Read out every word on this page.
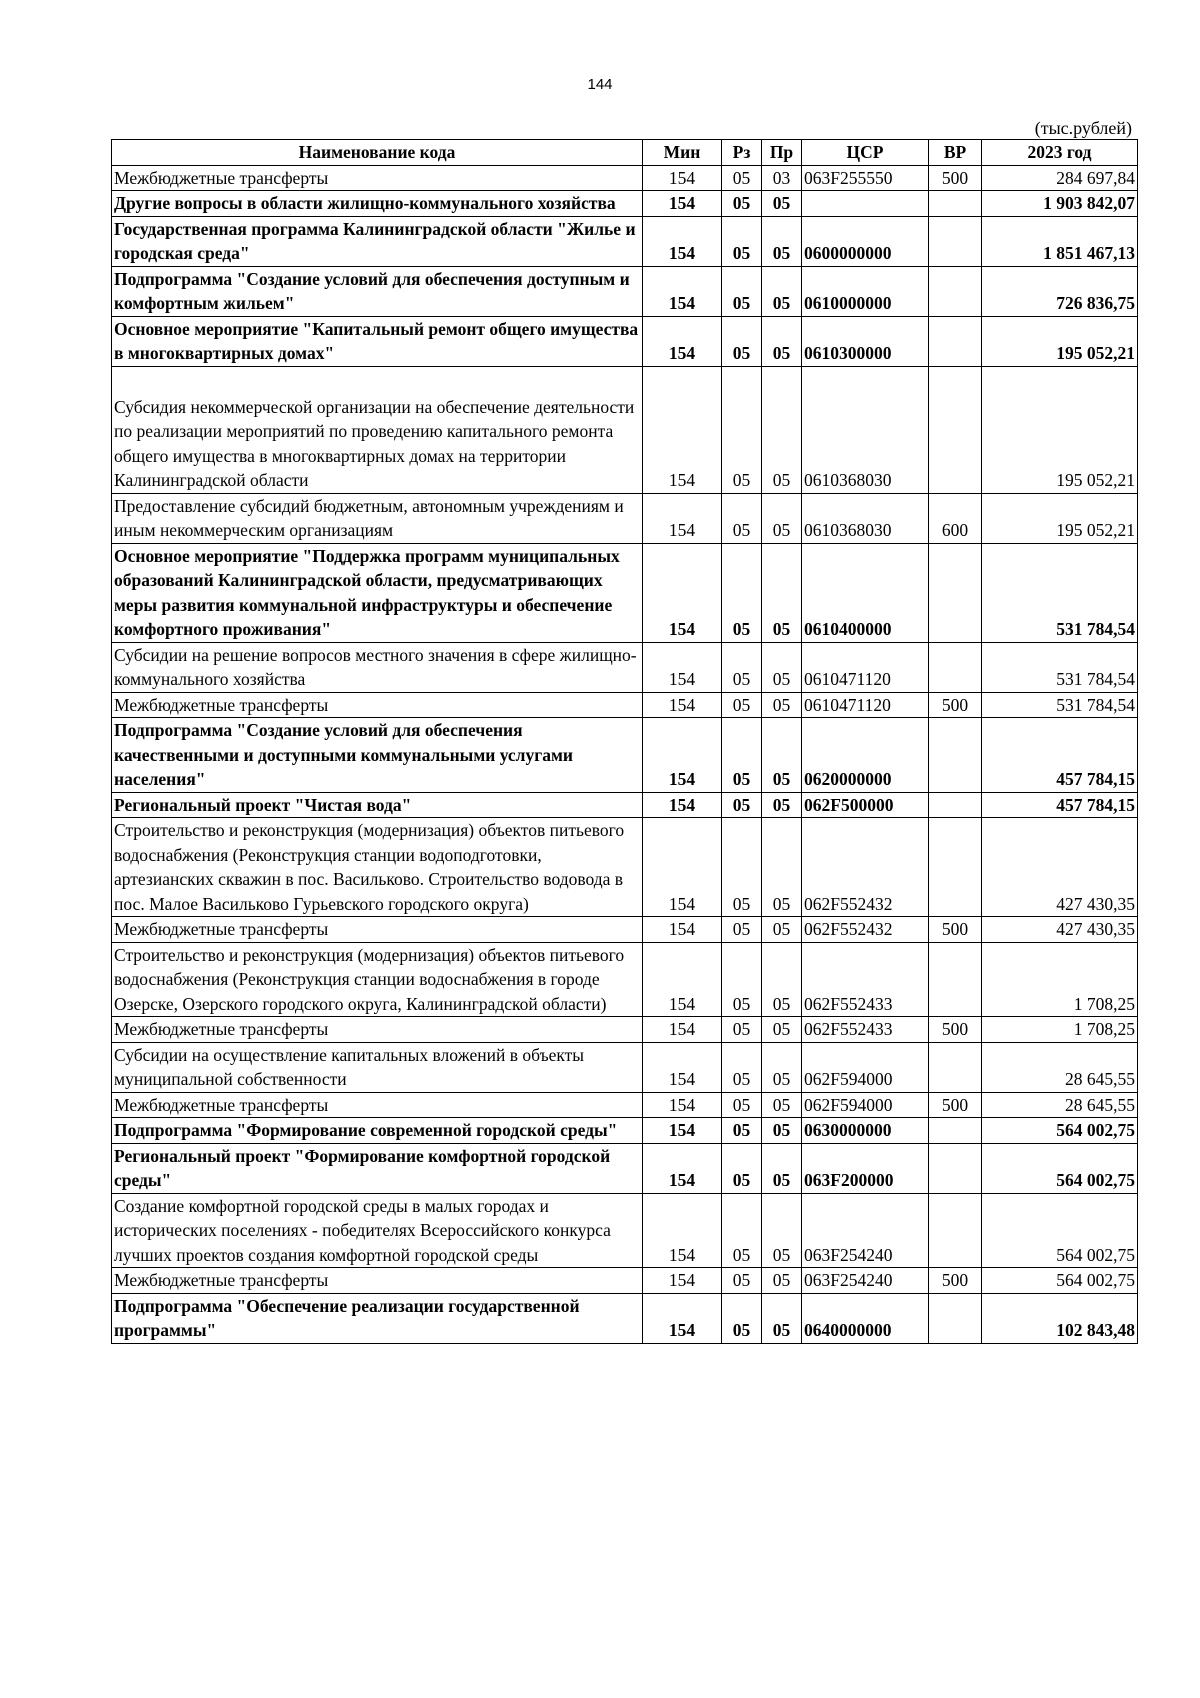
144
(тыс.рублей)
Наименование кода	Мин	Рз	Пр	ЦСР	ВР	2023 год
Межбюджетные трансферты	154	05	03	063F255550	500	284 697,84
Другие вопросы в области жилищно-коммунального хозяйства	154	05	05			1 903 842,07
Государственная программа Калининградской области "Жилье и городская среда"	154	05	05	0600000000		1 851 467,13
Подпрограмма "Создание условий для обеспечения доступным и комфортным жильем"	154	05	05	0610000000		726 836,75
Основное мероприятие "Капитальный ремонт общего имущества в многоквартирных домах"	154	05	05	0610300000		195 052,21
Субсидия некоммерческой организации на обеспечение деятельности по реализации мероприятий по проведению капитального ремонта общего имущества в многоквартирных домах на территории Калининградской области	154	05	05	0610368030		195 052,21
Предоставление субсидий бюджетным, автономным учреждениям и иным некоммерческим организациям	154	05	05	0610368030	600	195 052,21
Основное мероприятие "Поддержка программ муниципальных образований Калининградской области, предусматривающих меры развития коммунальной инфраструктуры и обеспечение комфортного проживания"	154	05	05	0610400000		531 784,54
Субсидии на решение вопросов местного значения в сфере жилищно-коммунального хозяйства	154	05	05	0610471120		531 784,54
Межбюджетные трансферты	154	05	05	0610471120	500	531 784,54
Подпрограмма "Создание условий для обеспечения качественными и доступными коммунальными услугами населения"	154	05	05	0620000000		457 784,15
Региональный проект "Чистая вода"	154	05	05	062F500000		457 784,15
Строительство и реконструкция (модернизация) объектов питьевого водоснабжения (Реконструкция станции водоподготовки, артезианских скважин в пос. Васильково. Строительство водовода в пос. Малое Васильково Гурьевского городского округа)	154	05	05	062F552432		427 430,35
Межбюджетные трансферты	154	05	05	062F552432	500	427 430,35
Строительство и реконструкция (модернизация) объектов питьевого водоснабжения (Реконструкция станции водоснабжения в городе Озерске, Озерского городского округа, Калининградской области)	154	05	05	062F552433		1 708,25
Межбюджетные трансферты	154	05	05	062F552433	500	1 708,25
Субсидии на осуществление капитальных вложений в объекты муниципальной собственности	154	05	05	062F594000		28 645,55
Межбюджетные трансферты	154	05	05	062F594000	500	28 645,55
Подпрограмма "Формирование современной городской среды"	154	05	05	0630000000		564 002,75
Региональный проект "Формирование комфортной городской среды"	154	05	05	063F200000		564 002,75
Создание комфортной городской среды в малых городах и исторических поселениях - победителях Всероссийского конкурса лучших проектов создания комфортной городской среды	154	05	05	063F254240		564 002,75
Межбюджетные трансферты	154	05	05	063F254240	500	564 002,75
Подпрограмма "Обеспечение реализации государственной программы"	154	05	05	0640000000		102 843,48
